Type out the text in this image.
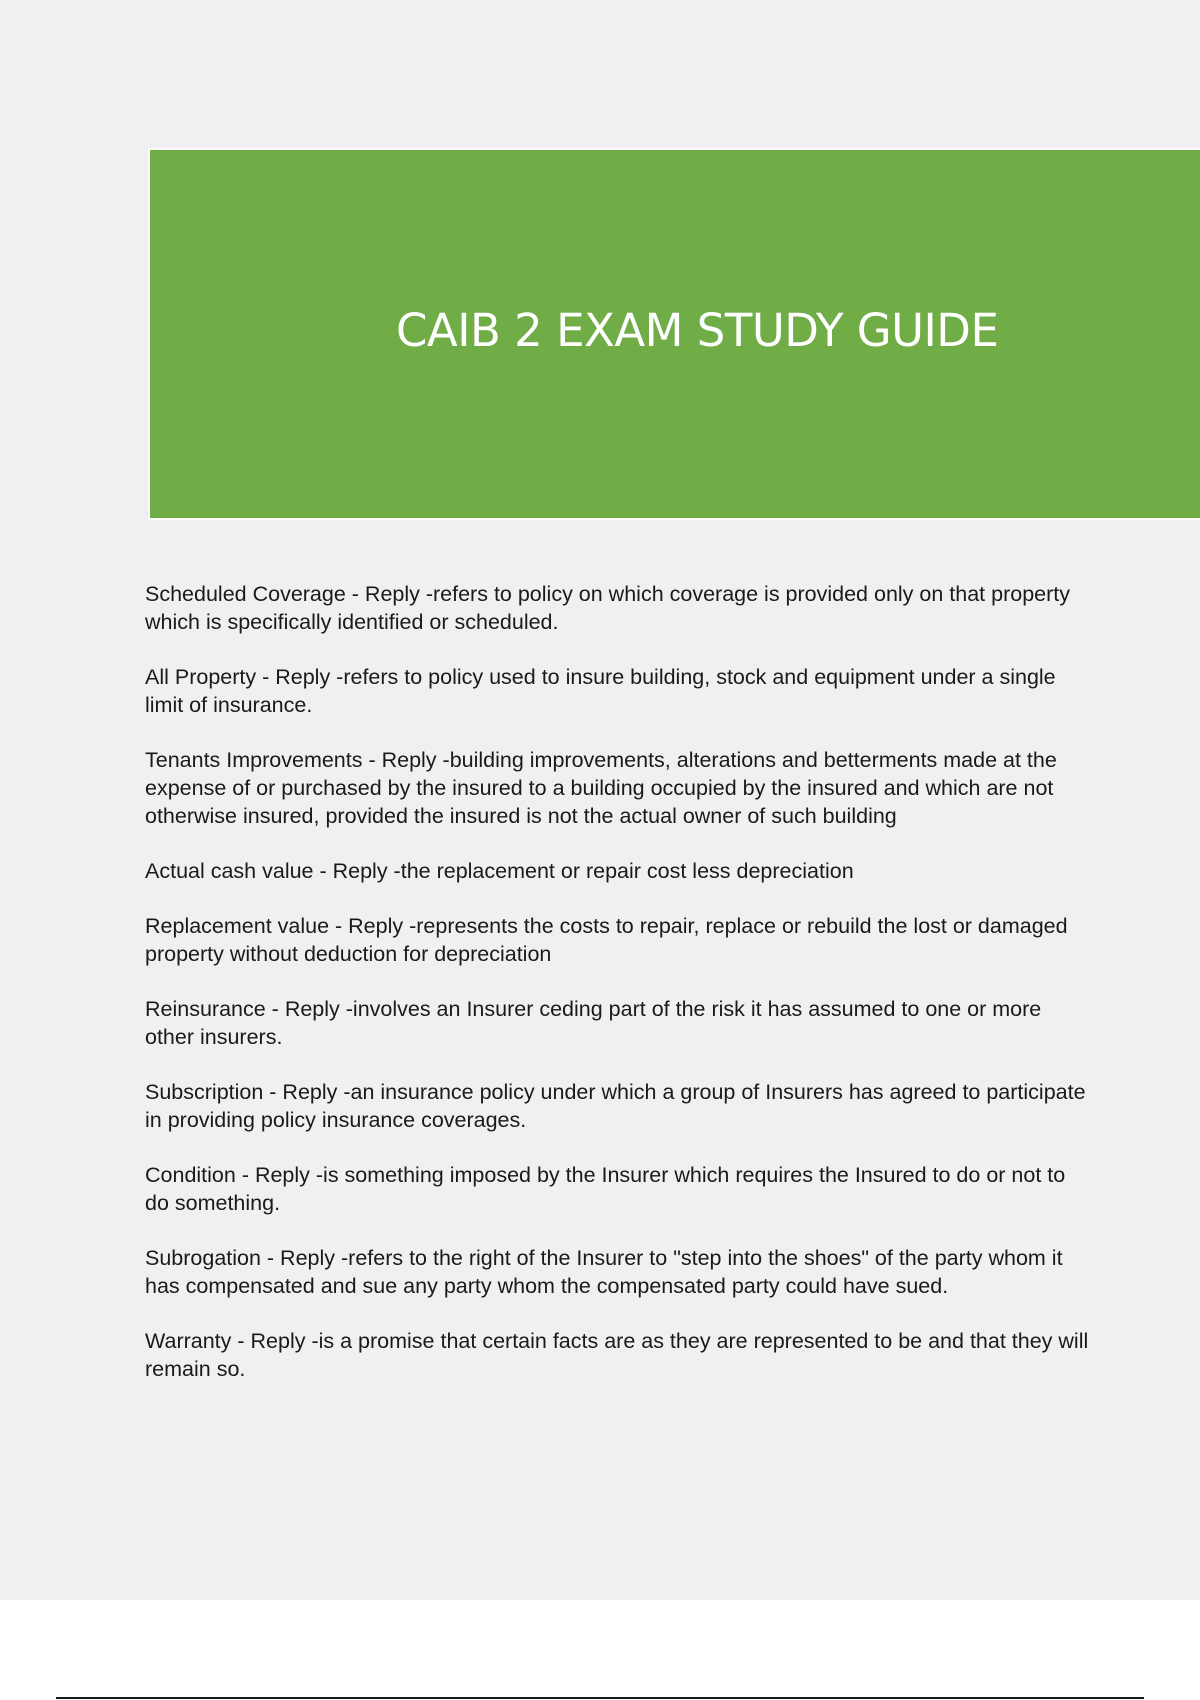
CAIB 2 EXAM STUDY GUIDE

Scheduled Coverage - Reply -refers to policy on which coverage is provided only on that property which is specifically identified or scheduled.

All Property - Reply -refers to policy used to insure building, stock and equipment under a single limit of insurance.

Tenants Improvements - Reply -building improvements, alterations and betterments made at the expense of or purchased by the insured to a building occupied by the insured and which are not otherwise insured, provided the insured is not the actual owner of such building

Actual cash value - Reply -the replacement or repair cost less depreciation

Replacement value - Reply -represents the costs to repair, replace or rebuild the lost or damaged property without deduction for depreciation

Reinsurance - Reply -involves an Insurer ceding part of the risk it has assumed to one or more other insurers.

Subscription - Reply -an insurance policy under which a group of Insurers has agreed to participate in providing policy insurance coverages.

Condition - Reply -is something imposed by the Insurer which requires the Insured to do or not to do something.

Subrogation - Reply -refers to the right of the Insurer to "step into the shoes" of the party whom it has compensated and sue any party whom the compensated party could have sued.

Warranty - Reply -is a promise that certain facts are as they are represented to be and that they will remain so.
